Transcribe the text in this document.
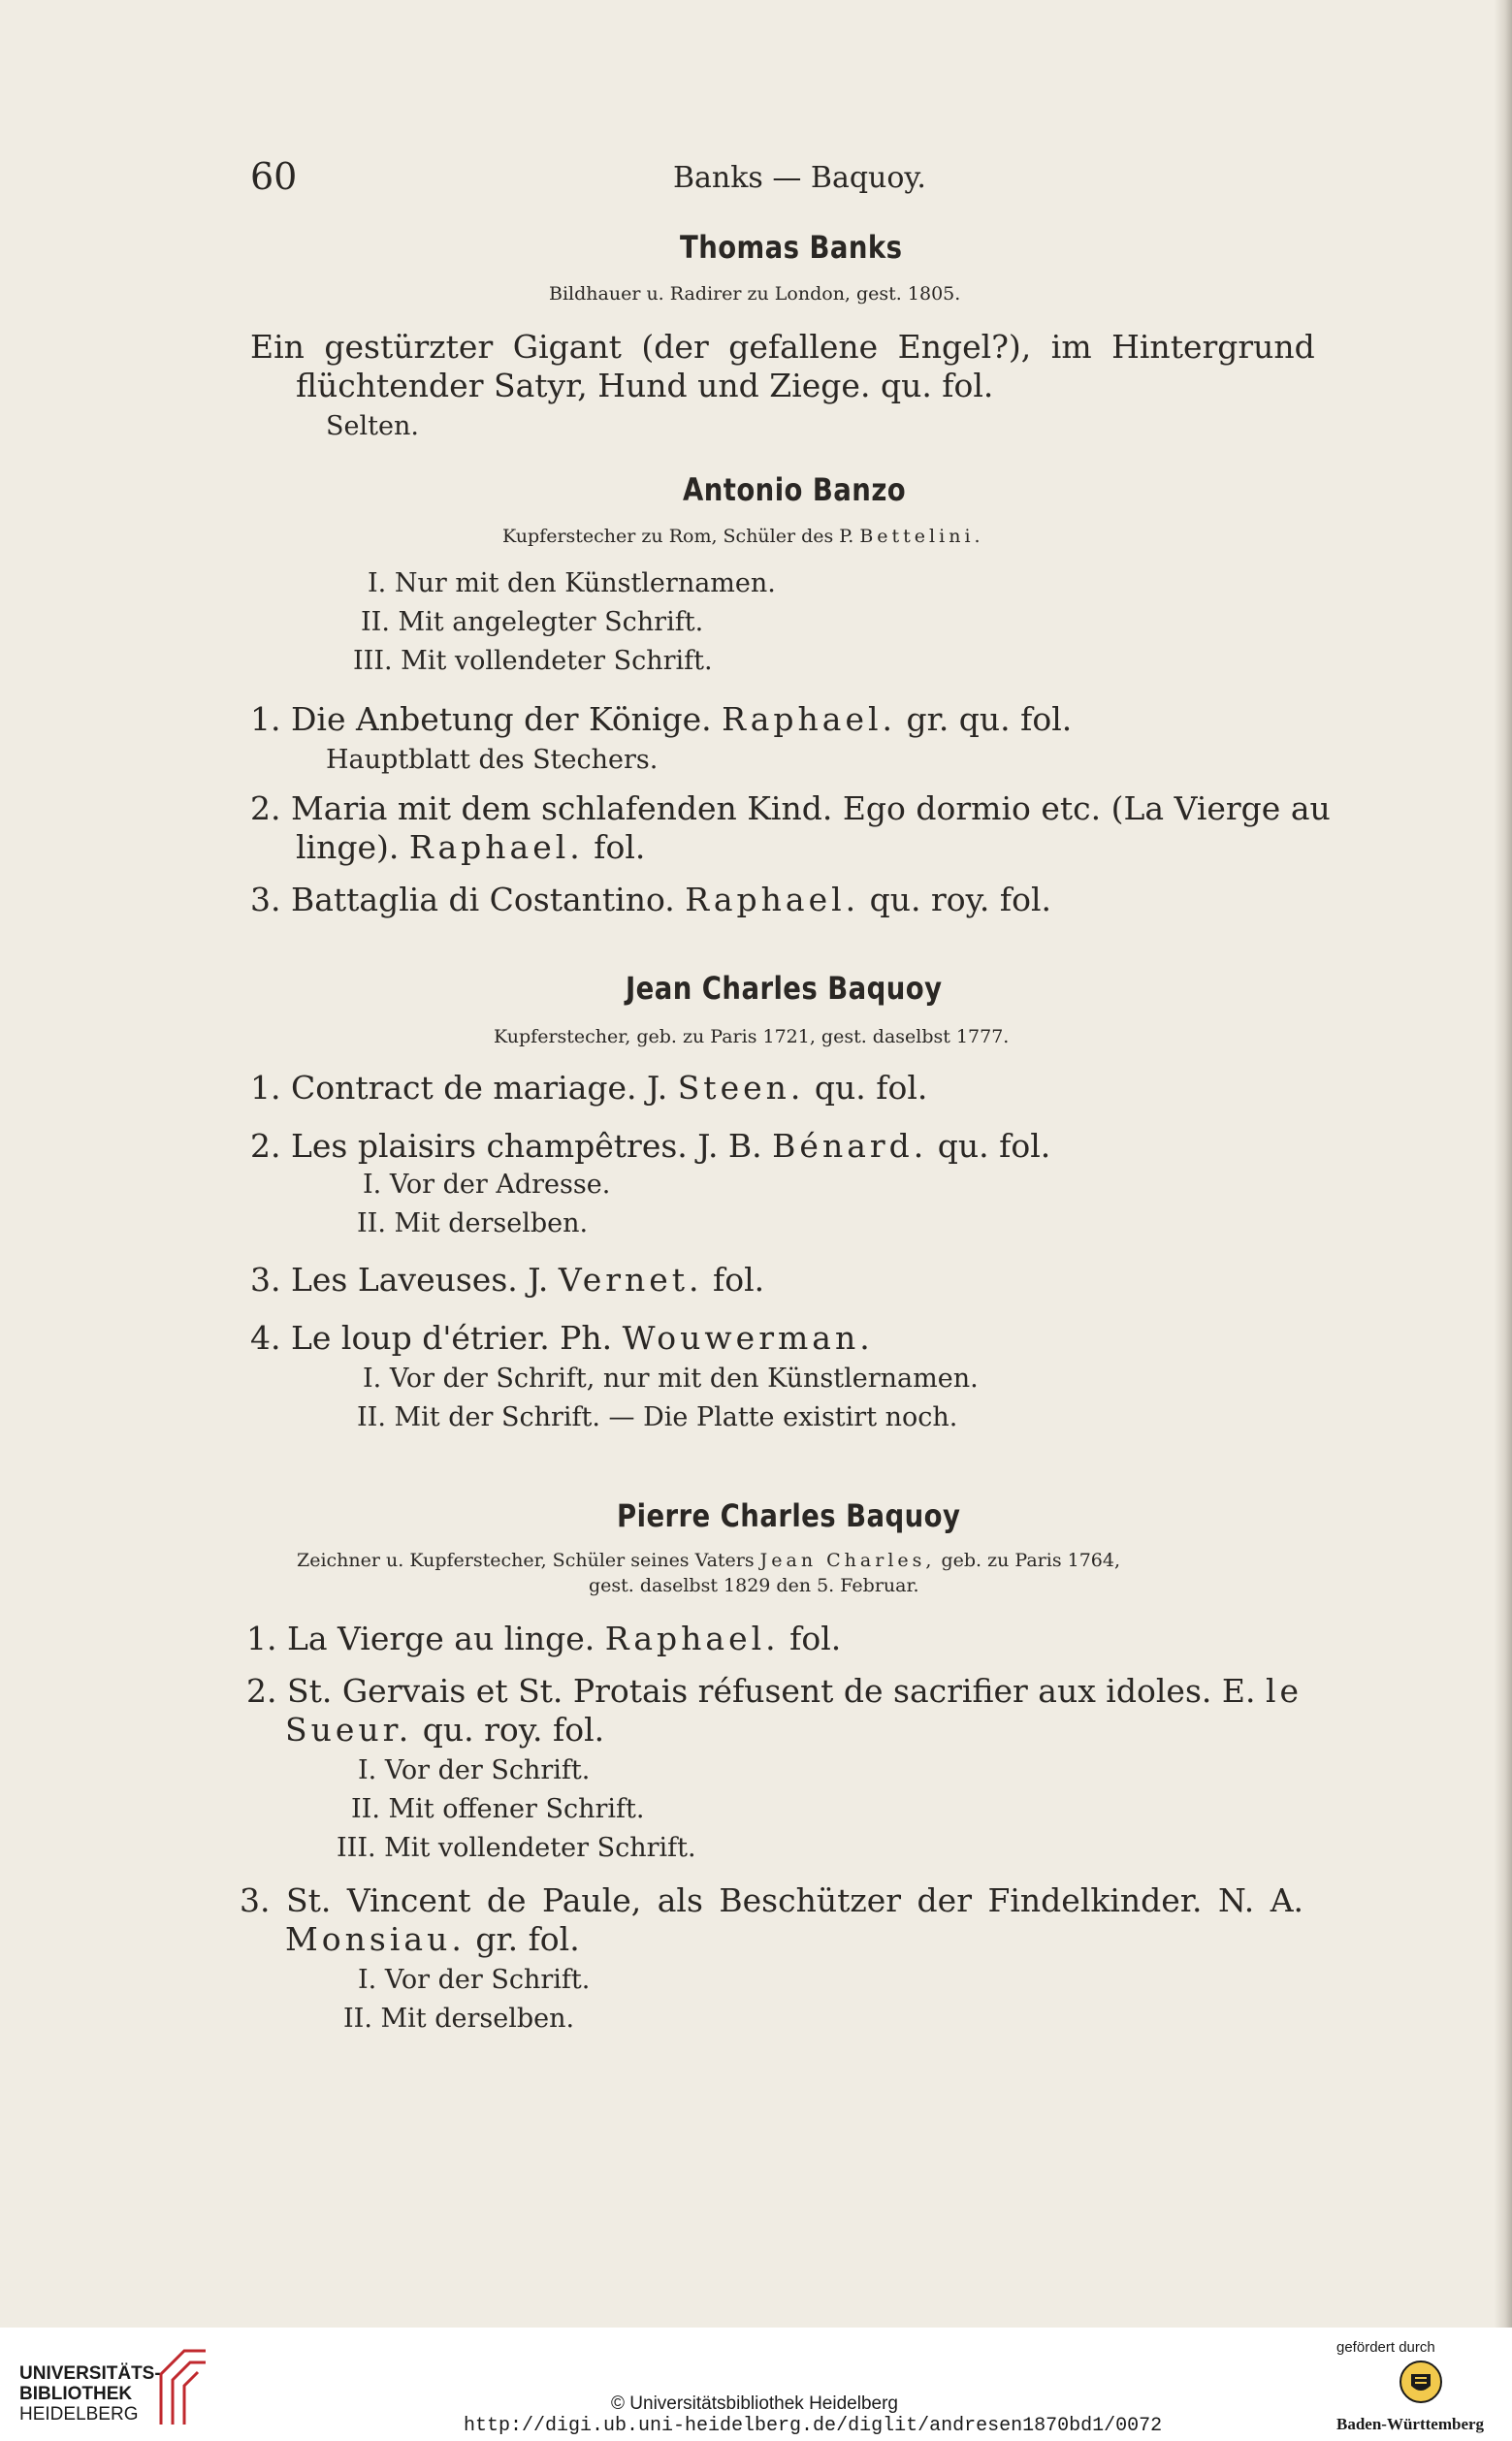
60	Banks — Baquoy.
Thomas Banks
Bildhauer u. Radirer zu London, gest. 1805.
Ein gestürzter Gigant (der gefallene Engel?), im Hintergrund
flüchtender Satyr, Hund und Ziege. qu. fol.
Selten.
Antonio Banzo
Kupferstecher zu Rom, Schüler des P. Bettelini.
I. Nur mit den Künstlernamen.
II. Mit angelegter Schrift.
III. Mit vollendeter Schrift.
1. Die Anbetung der Könige. Raphael. gr. qu. fol.
Hauptblatt des Stechers.
2. Maria mit dem schlafenden Kind. Ego dormio etc. (La Vierge au
linge). Raphael. fol.
3. Battaglia di Costantino. Raphael. qu. roy. fol.
Jean Charles Baquoy
Kupferstecher, geb. zu Paris 1721, gest. daselbst 1777.
1. Contract de mariage. J. Steen. qu. fol.
2. Les plaisirs champêtres. J. B. Bénard. qu. fol.
I. Vor der Adresse.
II. Mit derselben.
3. Les Laveuses. J. Vernet. fol.
4. Le loup d'étrier. Ph. Wouwerman.
I. Vor der Schrift, nur mit den Künstlernamen.
II. Mit der Schrift. — Die Platte existirt noch.
Pierre Charles Baquoy
Zeichner u. Kupferstecher, Schüler seines Vaters Jean Charles, geb. zu Paris 1764,
gest. daselbst 1829 den 5. Februar.
1. La Vierge au linge. Raphael. fol.
2. St. Gervais et St. Protais réfusent de sacrifier aux idoles. E. le
Sueur. qu. roy. fol.
I. Vor der Schrift.
II. Mit offener Schrift.
III. Mit vollendeter Schrift.
3. St. Vincent de Paule, als Beschützer der Findelkinder. N. A.
Monsiau. gr. fol.
I. Vor der Schrift.
II. Mit derselben.
UNIVERSITÄTS-
BIBLIOTHEK
HEIDELBERG
© Universitätsbibliothek Heidelberg
http://digi.ub.uni-heidelberg.de/diglit/andresen1870bd1/0072
gefördert durch
Baden-Württemberg
